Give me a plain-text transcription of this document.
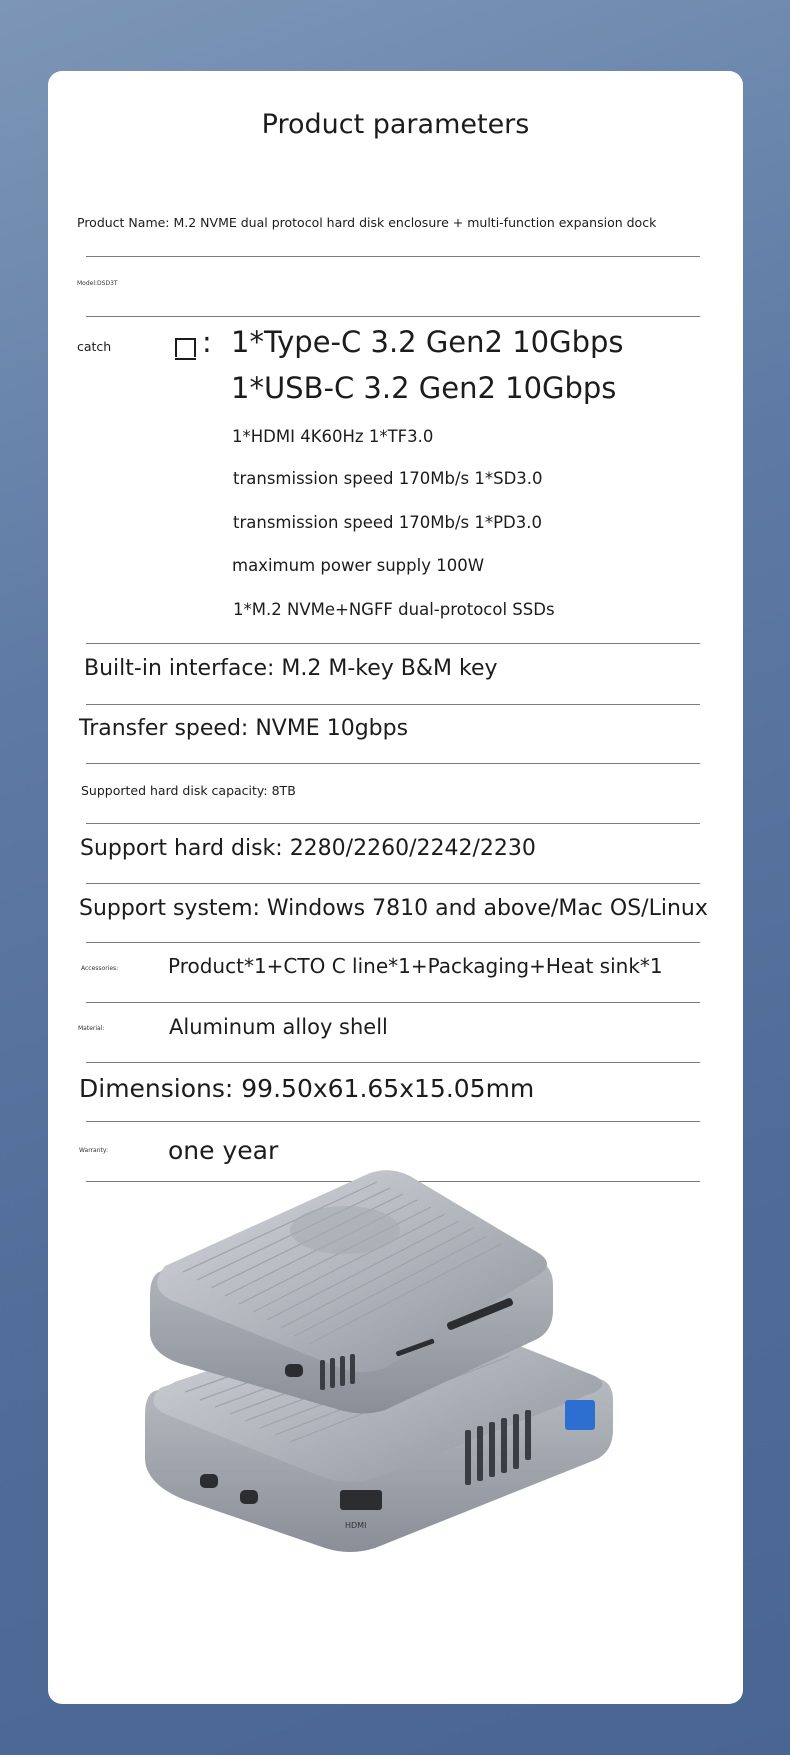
Product parameters
Product Name: M.2 NVME dual protocol hard disk enclosure + multi-function expansion dock
Model:DSD3T
catch	: 1*Type-C 3.2 Gen2 10Gbps
1*USB-C 3.2 Gen2 10Gbps
1*HDMI 4K60Hz 1*TF3.0
transmission speed 170Mb/s 1*SD3.0
transmission speed 170Mb/s 1*PD3.0
maximum power supply 100W
1*M.2 NVMe+NGFF dual-protocol SSDs
Built-in interface: M.2 M-key B&M key
Transfer speed: NVME 10gbps
Supported hard disk capacity: 8TB
Support hard disk: 2280/2260/2242/2230
Support system: Windows 7810 and above/Mac OS/Linux
Accessories: Product*1+CTO C line*1+Packaging+Heat sink*1
Material:	Aluminum alloy shell
Dimensions: 99.50x61.65x15.05mm
Warranty: one year
HDMI
